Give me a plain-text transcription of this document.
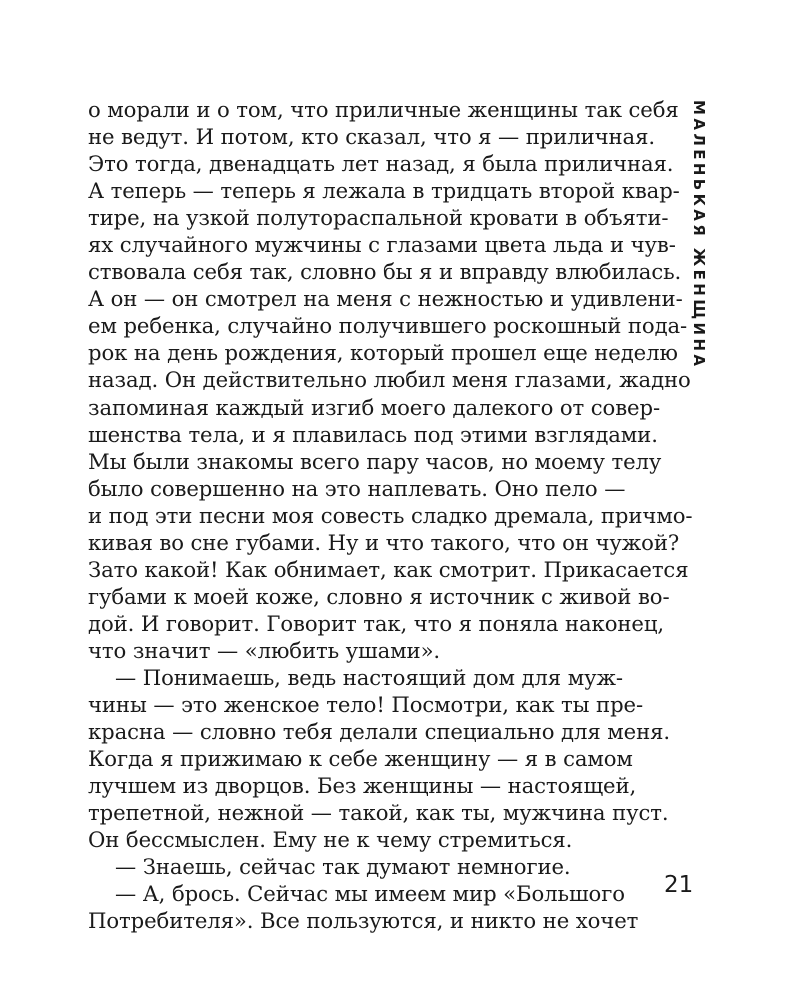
о морали и о том, что приличные женщины так себя
не ведут. И потом, кто сказал, что я — приличная.
Это тогда, двенадцать лет назад, я была приличная.
А теперь — теперь я лежала в тридцать второй квар-
тире, на узкой полутораспальной кровати в объяти-
ях случайного мужчины с глазами цвета льда и чув-
ствовала себя так, словно бы я и вправду влюбилась.
А он — он смотрел на меня с нежностью и удивлени-
ем ребенка, случайно получившего роскошный пода-
рок на день рождения, который прошел еще неделю
назад. Он действительно любил меня глазами, жадно
запоминая каждый изгиб моего далекого от совер-
шенства тела, и я плавилась под этими взглядами.
Мы были знакомы всего пару часов, но моему телу
было совершенно на это наплевать. Оно пело —
и под эти песни моя совесть сладко дремала, причмо-
кивая во сне губами. Ну и что такого, что он чужой?
Зато какой! Как обнимает, как смотрит. Прикасается
губами к моей коже, словно я источник с живой во-
дой. И говорит. Говорит так, что я поняла наконец,
что значит — «любить ушами».
— Понимаешь, ведь настоящий дом для муж-
чины — это женское тело! Посмотри, как ты пре-
красна — словно тебя делали специально для меня.
Когда я прижимаю к себе женщину — я в самом
лучшем из дворцов. Без женщины — настоящей,
трепетной, нежной — такой, как ты, мужчина пуст.
Он бессмыслен. Ему не к чему стремиться.
— Знаешь, сейчас так думают немногие.
— А, брось. Сейчас мы имеем мир «Большого
Потребителя». Все пользуются, и никто не хочет
МАЛЕНЬКАЯ ЖЕНЩИНА
21
